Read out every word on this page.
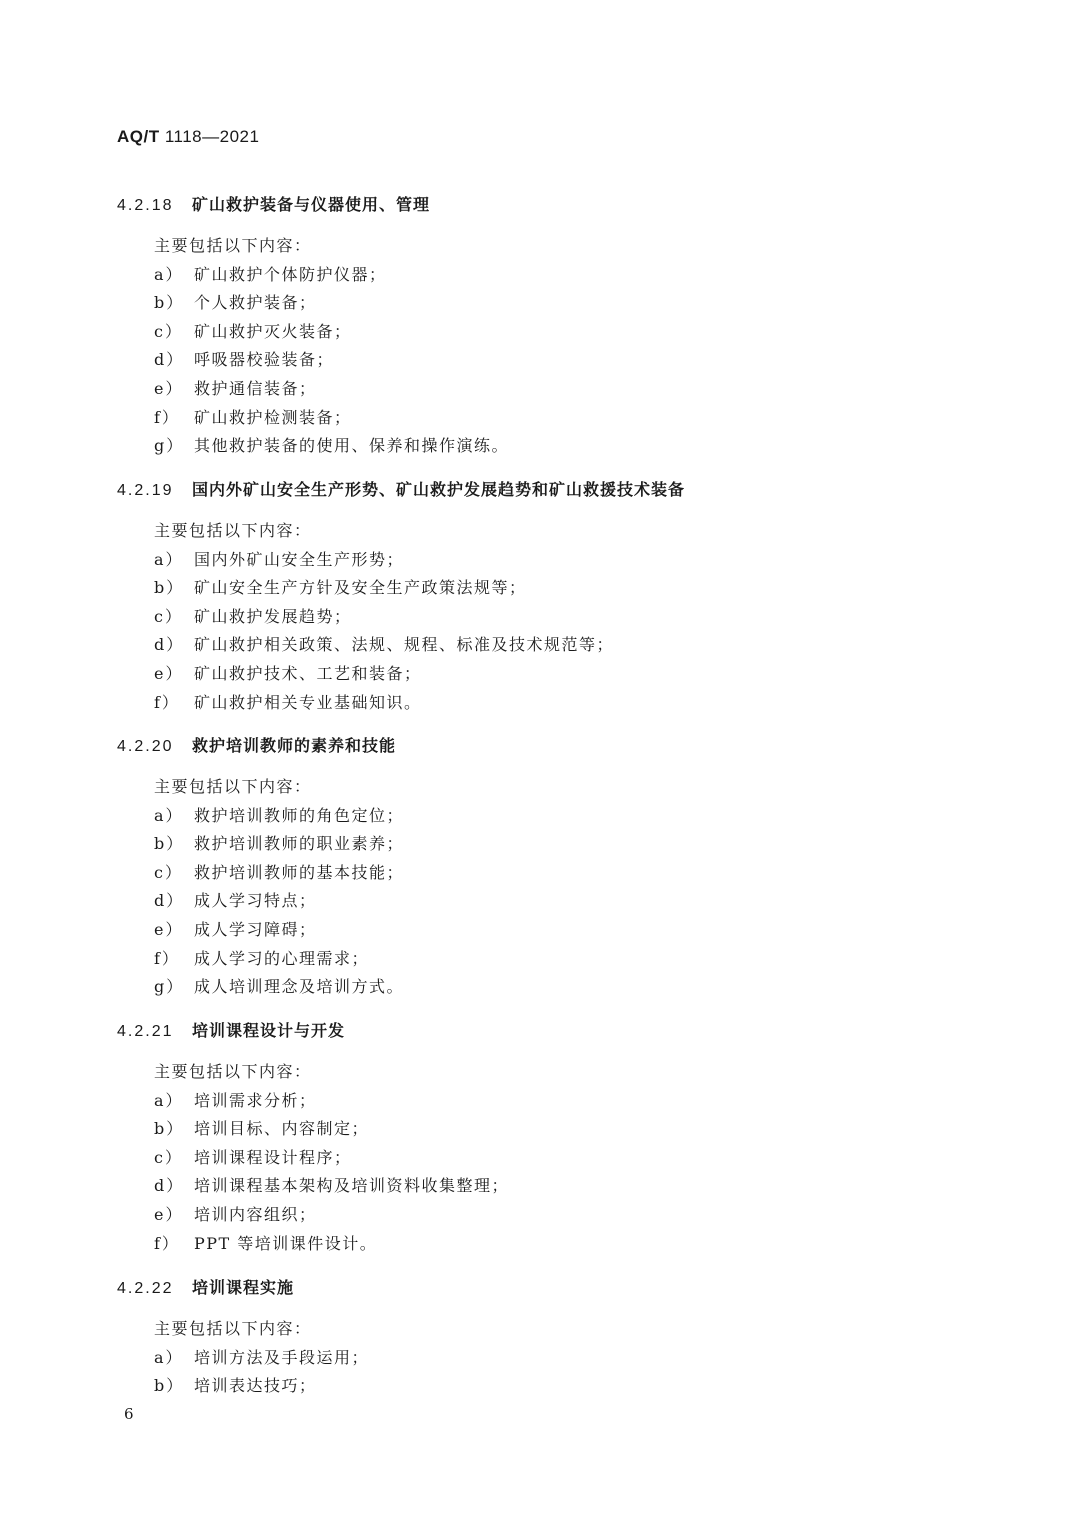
AQ/T 1118—2021
4.2.18 矿山救护装备与仪器使用、管理
主要包括以下内容：
a） 矿山救护个体防护仪器；
b） 个人救护装备；
c） 矿山救护灭火装备；
d） 呼吸器校验装备；
e） 救护通信装备；
f） 矿山救护检测装备；
g） 其他救护装备的使用、保养和操作演练。
4.2.19 国内外矿山安全生产形势、矿山救护发展趋势和矿山救援技术装备
主要包括以下内容：
a） 国内外矿山安全生产形势；
b） 矿山安全生产方针及安全生产政策法规等；
c） 矿山救护发展趋势；
d） 矿山救护相关政策、法规、规程、标准及技术规范等；
e） 矿山救护技术、工艺和装备；
f） 矿山救护相关专业基础知识。
4.2.20 救护培训教师的素养和技能
主要包括以下内容：
a） 救护培训教师的角色定位；
b） 救护培训教师的职业素养；
c） 救护培训教师的基本技能；
d） 成人学习特点；
e） 成人学习障碍；
f） 成人学习的心理需求；
g） 成人培训理念及培训方式。
4.2.21 培训课程设计与开发
主要包括以下内容：
a） 培训需求分析；
b） 培训目标、内容制定；
c） 培训课程设计程序；
d） 培训课程基本架构及培训资料收集整理；
e） 培训内容组织；
f） PPT 等培训课件设计。
4.2.22 培训课程实施
主要包括以下内容：
a） 培训方法及手段运用；
b） 培训表达技巧；
6
